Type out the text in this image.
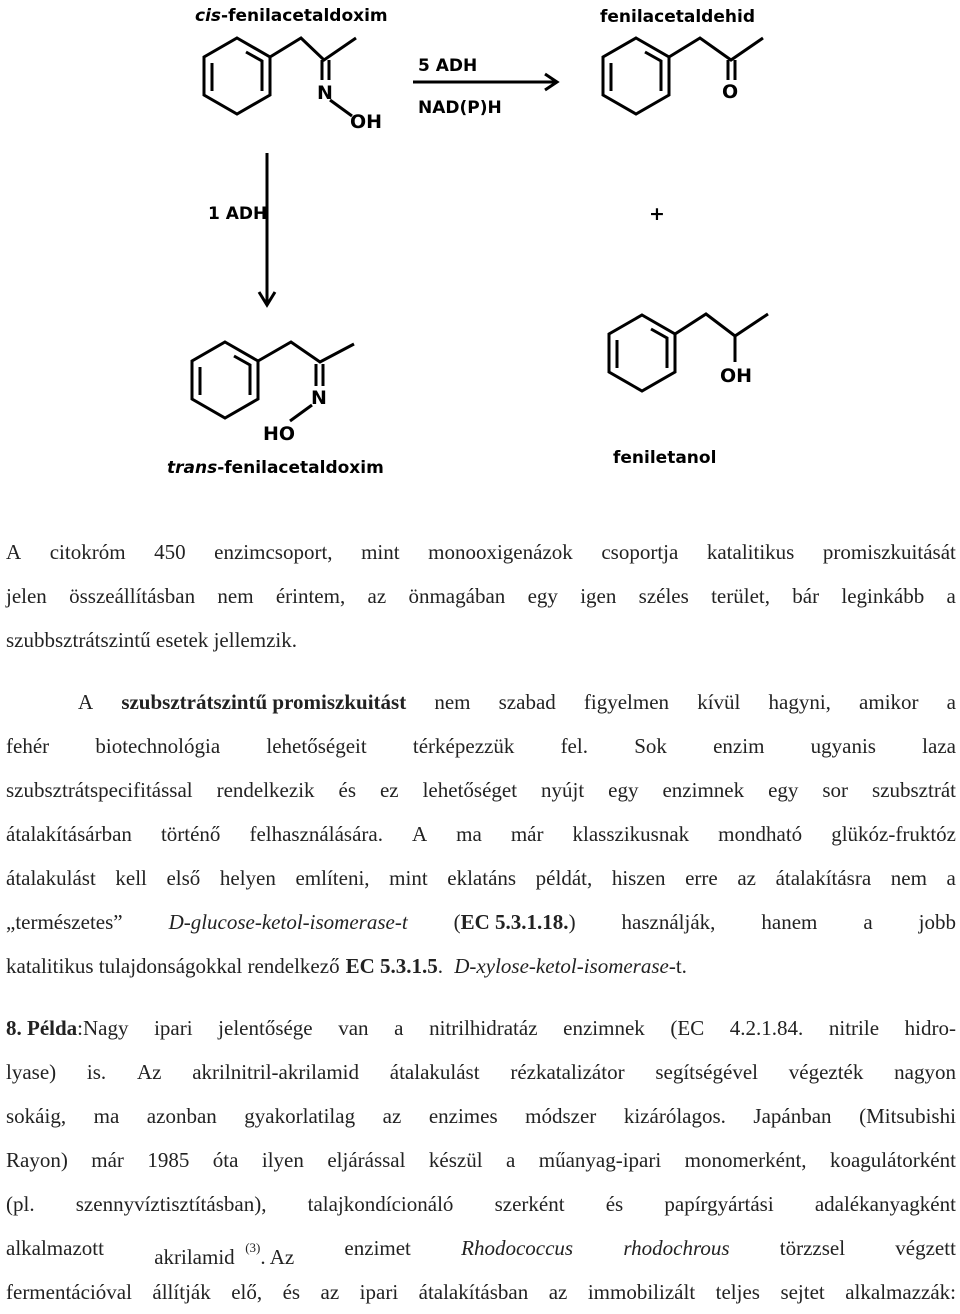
cis-fenilacetaldoxim
N
OH
5 ADH
NAD(P)H
fenilacetaldehid
O
1 ADH	+
N
HO
trans-fenilacetaldoxim
OH
feniletanol
A citokróm 450 enzimcsoport, mint monooxigenázok csoportja katalitikus promiszkuitását
jelen összeállításban nem érintem, az önmagában egy igen széles terület, bár leginkább a
szubbsztrátszintű esetek jellemzik.
A szubsztrátszintű promiszkuitást nem szabad figyelmen kívül hagyni, amikor a
fehér biotechnológia lehetőségeit térképezzük fel. Sok enzim ugyanis laza
szubsztrátspecifitással rendelkezik és ez lehetőséget nyújt egy enzimnek egy sor szubsztrát
átalakításárban történő felhasználására. A ma már klasszikusnak mondható glükóz-fruktóz
átalakulást kell első helyen említeni, mint eklatáns példát, hiszen erre az átalakításra nem a
„természetes” D-glucose-ketol-isomerase-t (EC 5.3.1.18.) használják, hanem a jobb
katalitikus tulajdonságokkal rendelkező EC 5.3.1.5. D-xylose-ketol-isomerase-t.
8. Példa:Nagy ipari jelentősége van a nitrilhidratáz enzimnek (EC 4.2.1.84. nitrile hidro-
lyase) is. Az akrilnitril-akrilamid átalakulást rézkatalizátor segítségével végezték nagyon
sokáig, ma azonban gyakorlatilag az enzimes módszer kizárólagos. Japánban (Mitsubishi
Rayon) már 1985 óta ilyen eljárással készül a műanyag-ipari monomerként, koagulátorként
(pl. szennyvíztisztításban), talajkondícionáló szerként és papírgyártási adalékanyagként
alkalmazott akrilamid $^{(3)}$. Az enzimet Rhodococcus rhodochrous törzzsel végzett
fermentációval állítják elő, és az ipari átalakításban az immobilizált teljes sejtet alkalmazzák:
